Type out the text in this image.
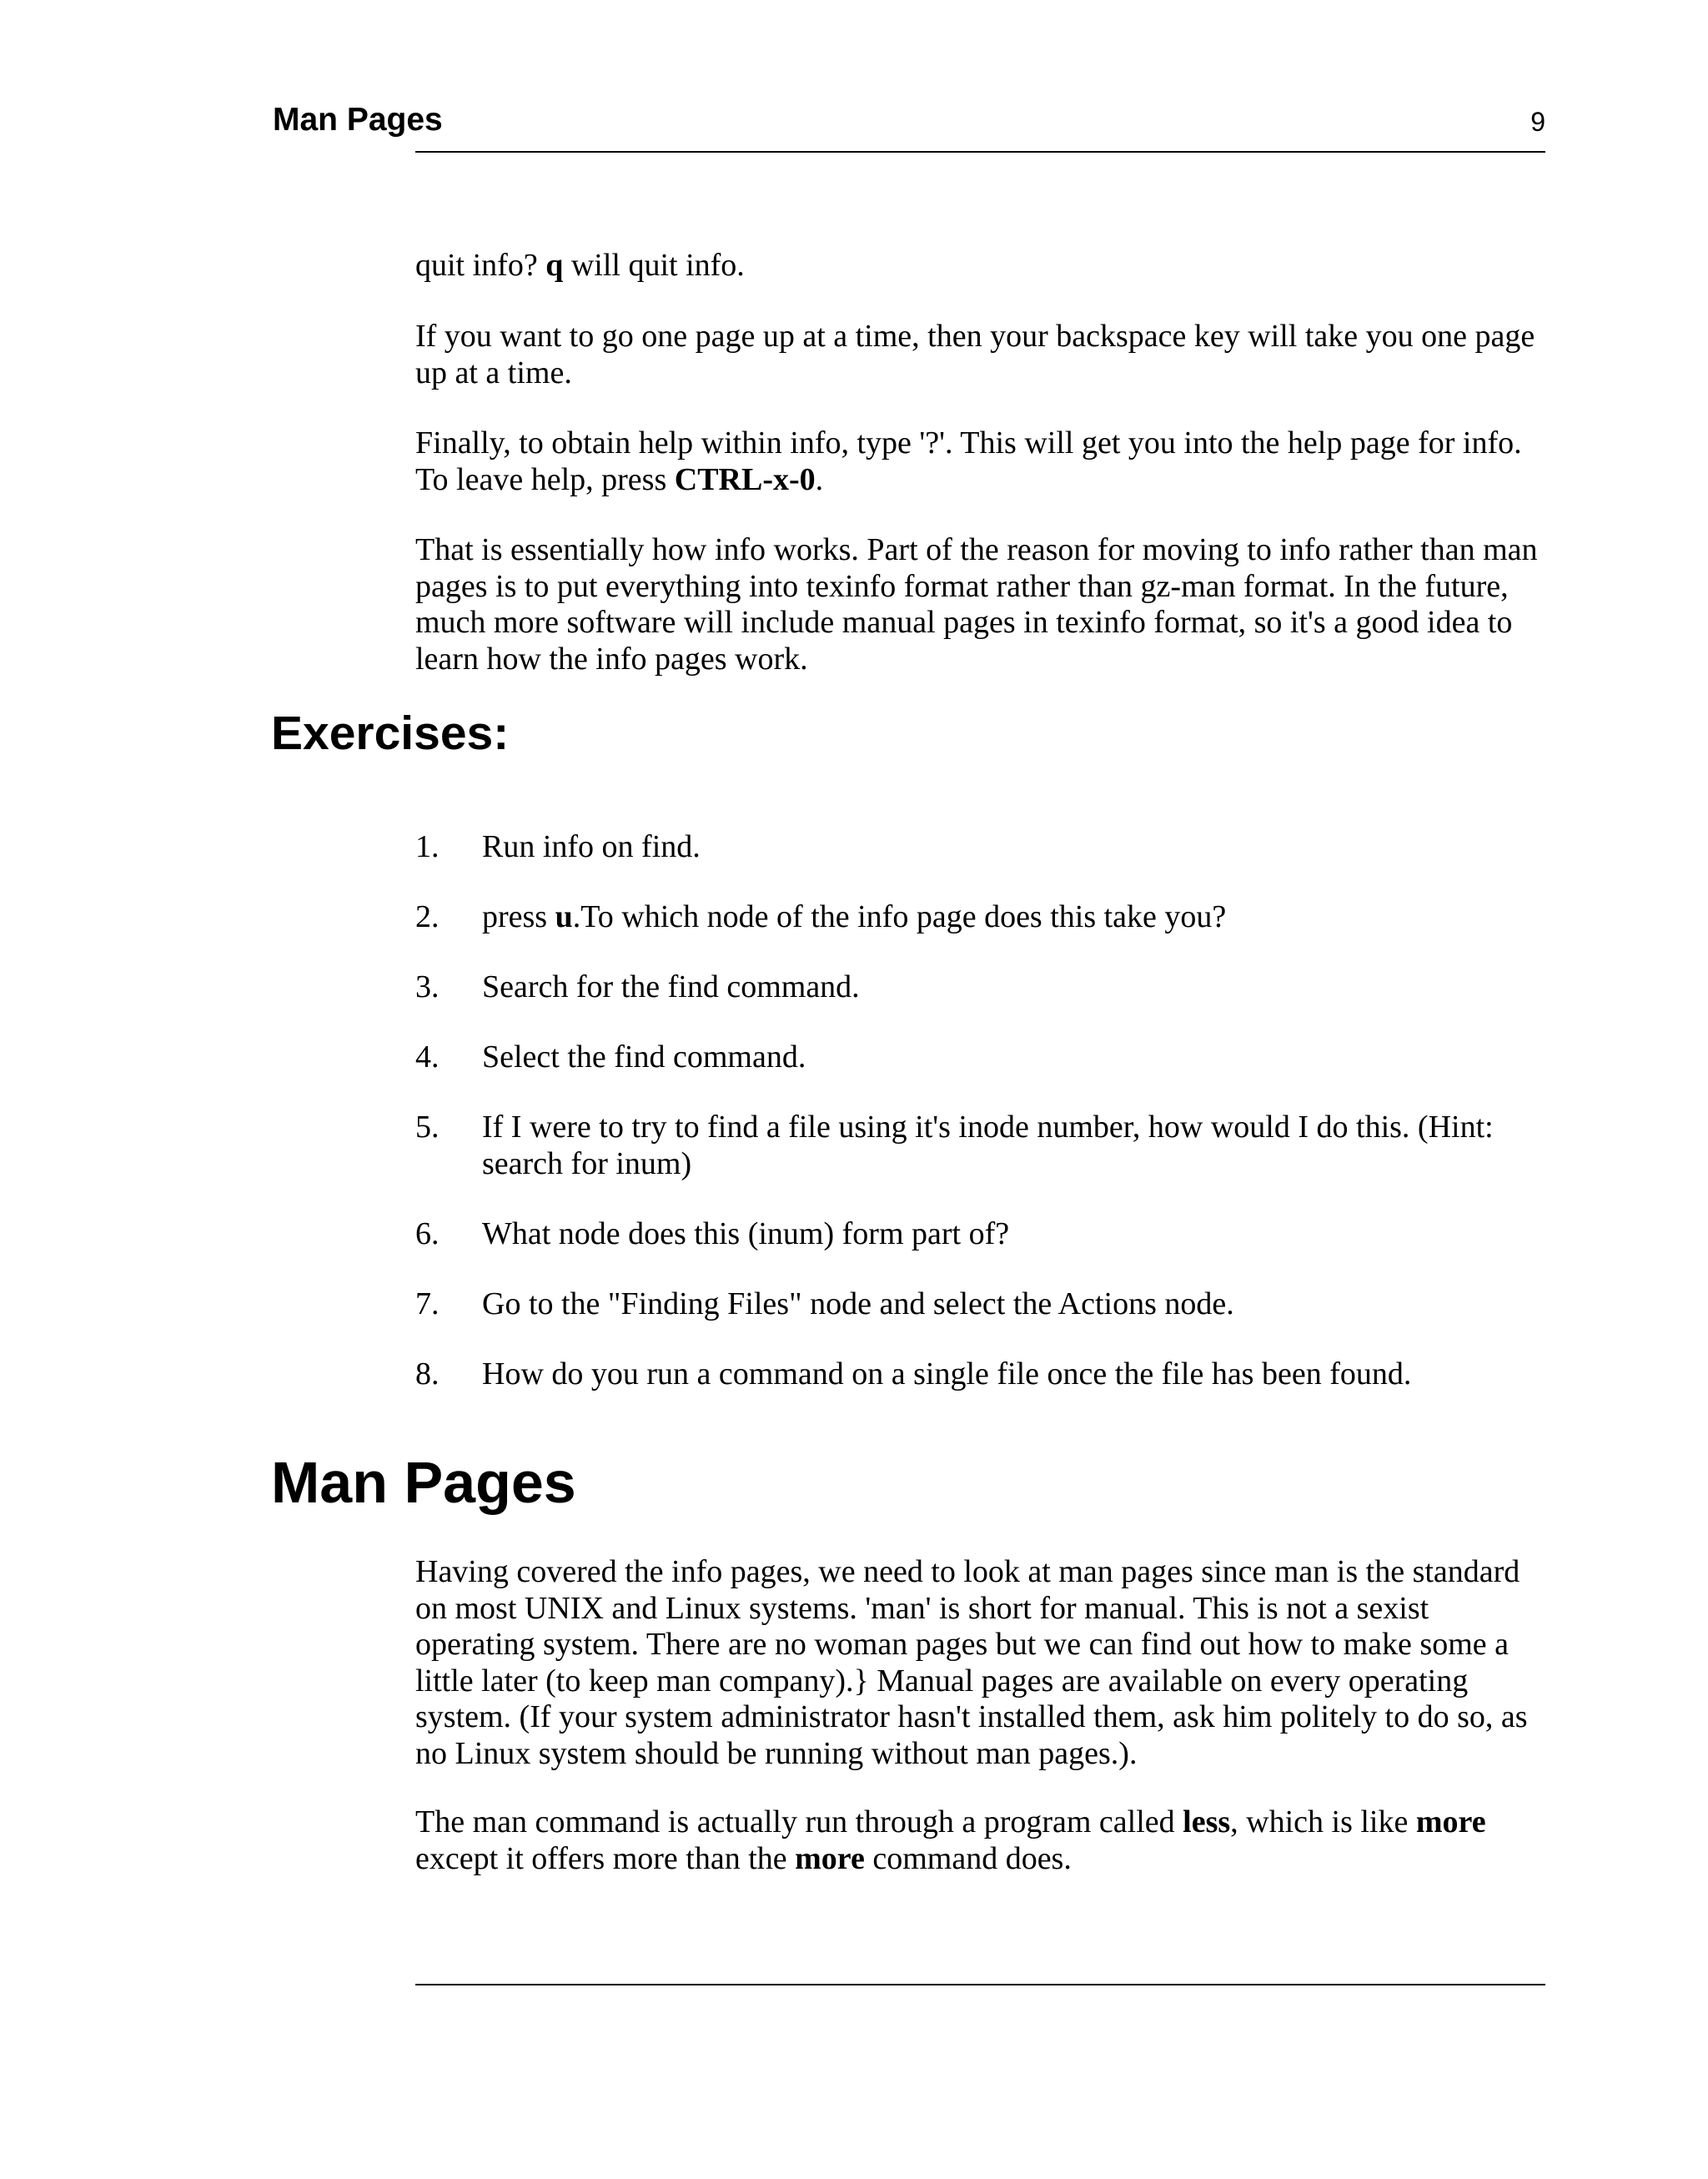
Man Pages	9

quit info? q will quit info.

If you want to go one page up at a time, then your backspace key will take you one page up at a time.

Finally, to obtain help within info, type '?'. This will get you into the help page for info. To leave help, press CTRL-x-0.

That is essentially how info works. Part of the reason for moving to info rather than man pages is to put everything into texinfo format rather than gz-man format. In the future, much more software will include manual pages in texinfo format, so it's a good idea to learn how the info pages work.

Exercises:
1. Run info on find.
2. press u.To which node of the info page does this take you?
3. Search for the find command.
4. Select the find command.
5. If I were to try to find a file using it's inode number, how would I do this. (Hint: search for inum)
6. What node does this (inum) form part of?
7. Go to the "Finding Files" node and select the Actions node.
8. How do you run a command on a single file once the file has been found.
Man Pages

Having covered the info pages, we need to look at man pages since man is the standard on most UNIX and Linux systems. 'man' is short for manual. This is not a sexist operating system. There are no woman pages but we can find out how to make some a little later (to keep man company).} Manual pages are available on every operating system. (If your system administrator hasn't installed them, ask him politely to do so, as no Linux system should be running without man pages.).

The man command is actually run through a program called less, which is like more except it offers more than the more command does.
